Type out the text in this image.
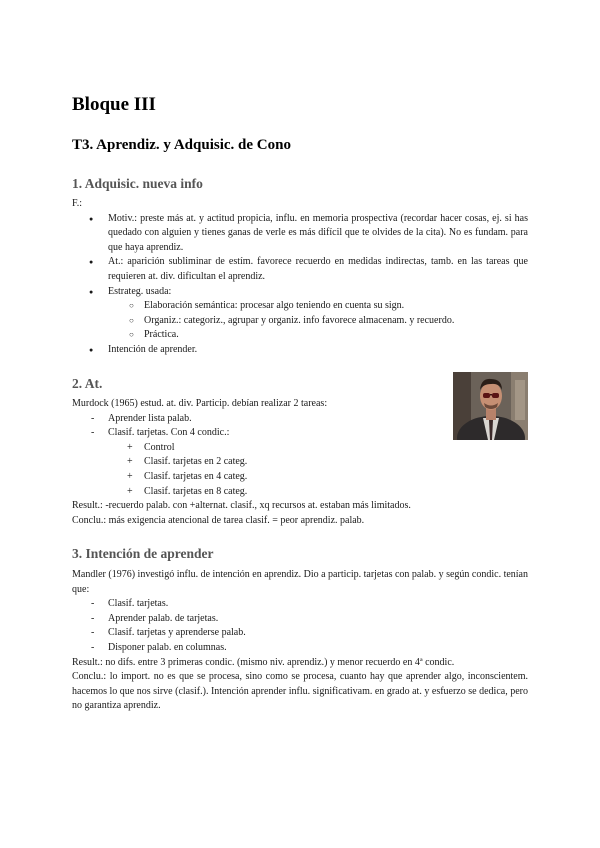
Bloque III
T3. Aprendiz. y Adquisic. de Cono
1. Adquisic. nueva info

F.:

● Motiv.: preste más at. y actitud propicia, influ. en memoria prospectiva (recordar hacer cosas, ej. si has quedado con alguien y tienes ganas de verle es más difícil que te olvides de la cita). No es fundam. para que haya aprendiz.
● At.: aparición subliminar de estím. favorece recuerdo en medidas indirectas, tamb. en las tareas que requieren at. div. dificultan el aprendiz.
● Estrateg. usada:
○ Elaboración semántica: procesar algo teniendo en cuenta su sign.
○ Organiz.: categoriz., agrupar y organiz. info favorece almacenam. y recuerdo.
○ Práctica.
● Intención de aprender.
2. At.

Murdock (1965) estud. at. div. Particip. debían realizar 2 tareas:

- Aprender lista palab.
- Clasif. tarjetas. Con 4 condic.:
+ Control
+ Clasif. tarjetas en 2 categ.
+ Clasif. tarjetas en 4 categ.
+ Clasif. tarjetas en 8 categ.

Result.: -recuerdo palab. con +alternat. clasif., xq recursos at. estaban más limitados.

Conclu.: más exigencia atencional de tarea clasif. = peor aprendiz. palab.

3. Intención de aprender

Mandler (1976) investigó influ. de intención en aprendiz. Dio a particip. tarjetas con palab. y según condic. tenían que:

- Clasif. tarjetas.
- Aprender palab. de tarjetas.
- Clasif. tarjetas y aprenderse palab.
- Disponer palab. en columnas.

Result.: no difs. entre 3 primeras condic. (mismo niv. aprendiz.) y menor recuerdo en 4ª condic.

Conclu.: lo import. no es que se procesa, sino como se procesa, cuanto hay que aprender algo, inconscientem. hacemos lo que nos sirve (clasif.). Intención aprender influ. significativam. en grado at. y esfuerzo se dedica, pero no garantiza aprendiz.
